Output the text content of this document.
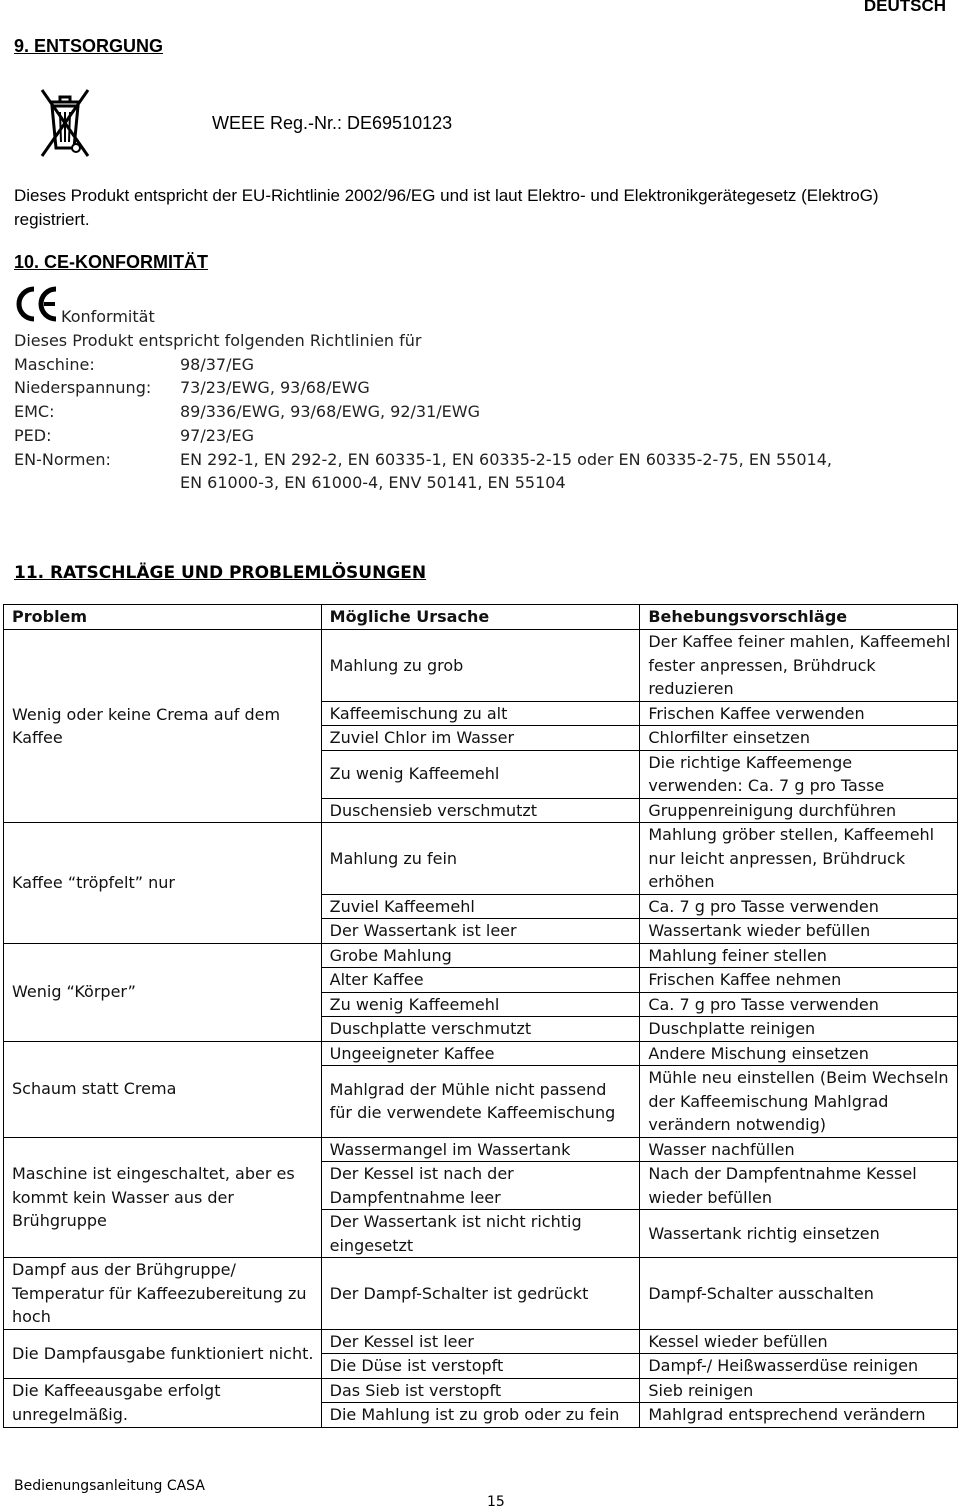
DEUTSCH
9. ENTSORGUNG
WEEE Reg.-Nr.: DE69510123
Dieses Produkt entspricht der EU-Richtlinie 2002/96/EG und ist laut Elektro- und Elektronikgerätegesetz (ElektroG) registriert.
10. CE-KONFORMITÄT
Konformität
Dieses Produkt entspricht folgenden Richtlinien für
Maschine:	98/37/EG
Niederspannung: 73/23/EWG, 93/68/EWG
EMC:	89/336/EWG, 93/68/EWG, 92/31/EWG
PED:	97/23/EG
EN-Normen:	EN 292-1, EN 292-2, EN 60335-1, EN 60335-2-15 oder EN 60335-2-75, EN 55014,
EN 61000-3, EN 61000-4, ENV 50141, EN 55104
11. RATSCHLÄGE UND PROBLEMLÖSUNGEN
Problem	Mögliche Ursache	Behebungsvorschläge
Wenig oder keine Crema auf dem Kaffee	Mahlung zu grob	Der Kaffee feiner mahlen, Kaffeemehl fester anpressen, Brühdruck reduzieren
	Kaffeemischung zu alt	Frischen Kaffee verwenden
	Zuviel Chlor im Wasser	Chlorfilter einsetzen
	Zu wenig Kaffeemehl	Die richtige Kaffeemenge verwenden: Ca. 7 g pro Tasse
	Duschensieb verschmutzt	Gruppenreinigung durchführen
Kaffee “tröpfelt” nur	Mahlung zu fein	Mahlung gröber stellen, Kaffeemehl nur leicht anpressen, Brühdruck erhöhen
	Zuviel Kaffeemehl	Ca. 7 g pro Tasse verwenden
	Der Wassertank ist leer	Wassertank wieder befüllen
Wenig “Körper”	Grobe Mahlung	Mahlung feiner stellen
	Alter Kaffee	Frischen Kaffee nehmen
	Zu wenig Kaffeemehl	Ca. 7 g pro Tasse verwenden
	Duschplatte verschmutzt	Duschplatte reinigen
Schaum statt Crema	Ungeeigneter Kaffee	Andere Mischung einsetzen
	Mahlgrad der Mühle nicht passend für die verwendete Kaffeemischung	Mühle neu einstellen (Beim Wechseln der Kaffeemischung Mahlgrad verändern notwendig)
Maschine ist eingeschaltet, aber es kommt kein Wasser aus der Brühgruppe	Wassermangel im Wassertank	Wasser nachfüllen
	Der Kessel ist nach der Dampfentnahme leer	Nach der Dampfentnahme Kessel wieder befüllen
	Der Wassertank ist nicht richtig eingesetzt	Wassertank richtig einsetzen
Dampf aus der Brühgruppe/ Temperatur für Kaffeezubereitung zu hoch	Der Dampf-Schalter ist gedrückt	Dampf-Schalter ausschalten
Die Dampfausgabe funktioniert nicht.	Der Kessel ist leer	Kessel wieder befüllen
	Die Düse ist verstopft	Dampf-/ Heißwasserdüse reinigen
Die Kaffeeausgabe erfolgt unregelmäßig.	Das Sieb ist verstopft	Sieb reinigen
	Die Mahlung ist zu grob oder zu fein	Mahlgrad entsprechend verändern
Bedienungsanleitung CASA
15
